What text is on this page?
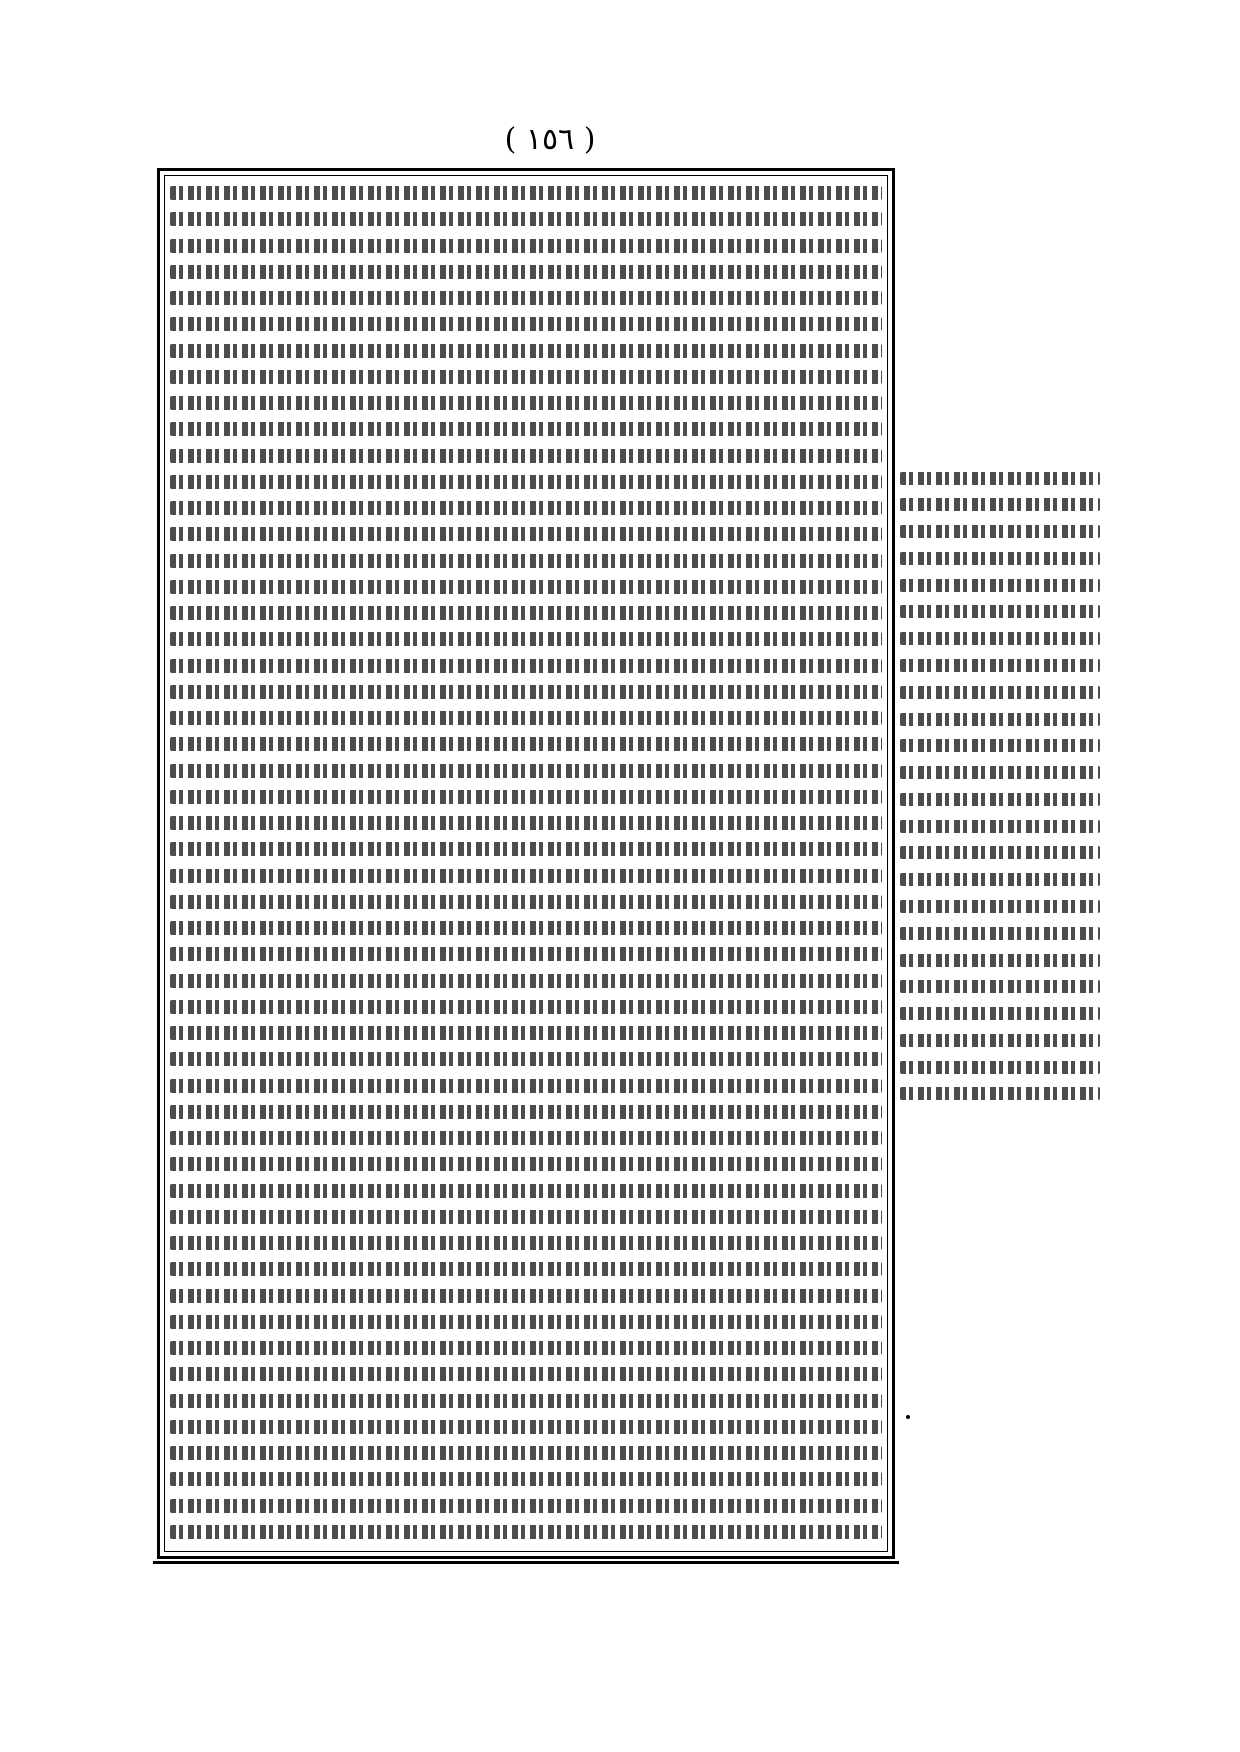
( ١٥٦ )
